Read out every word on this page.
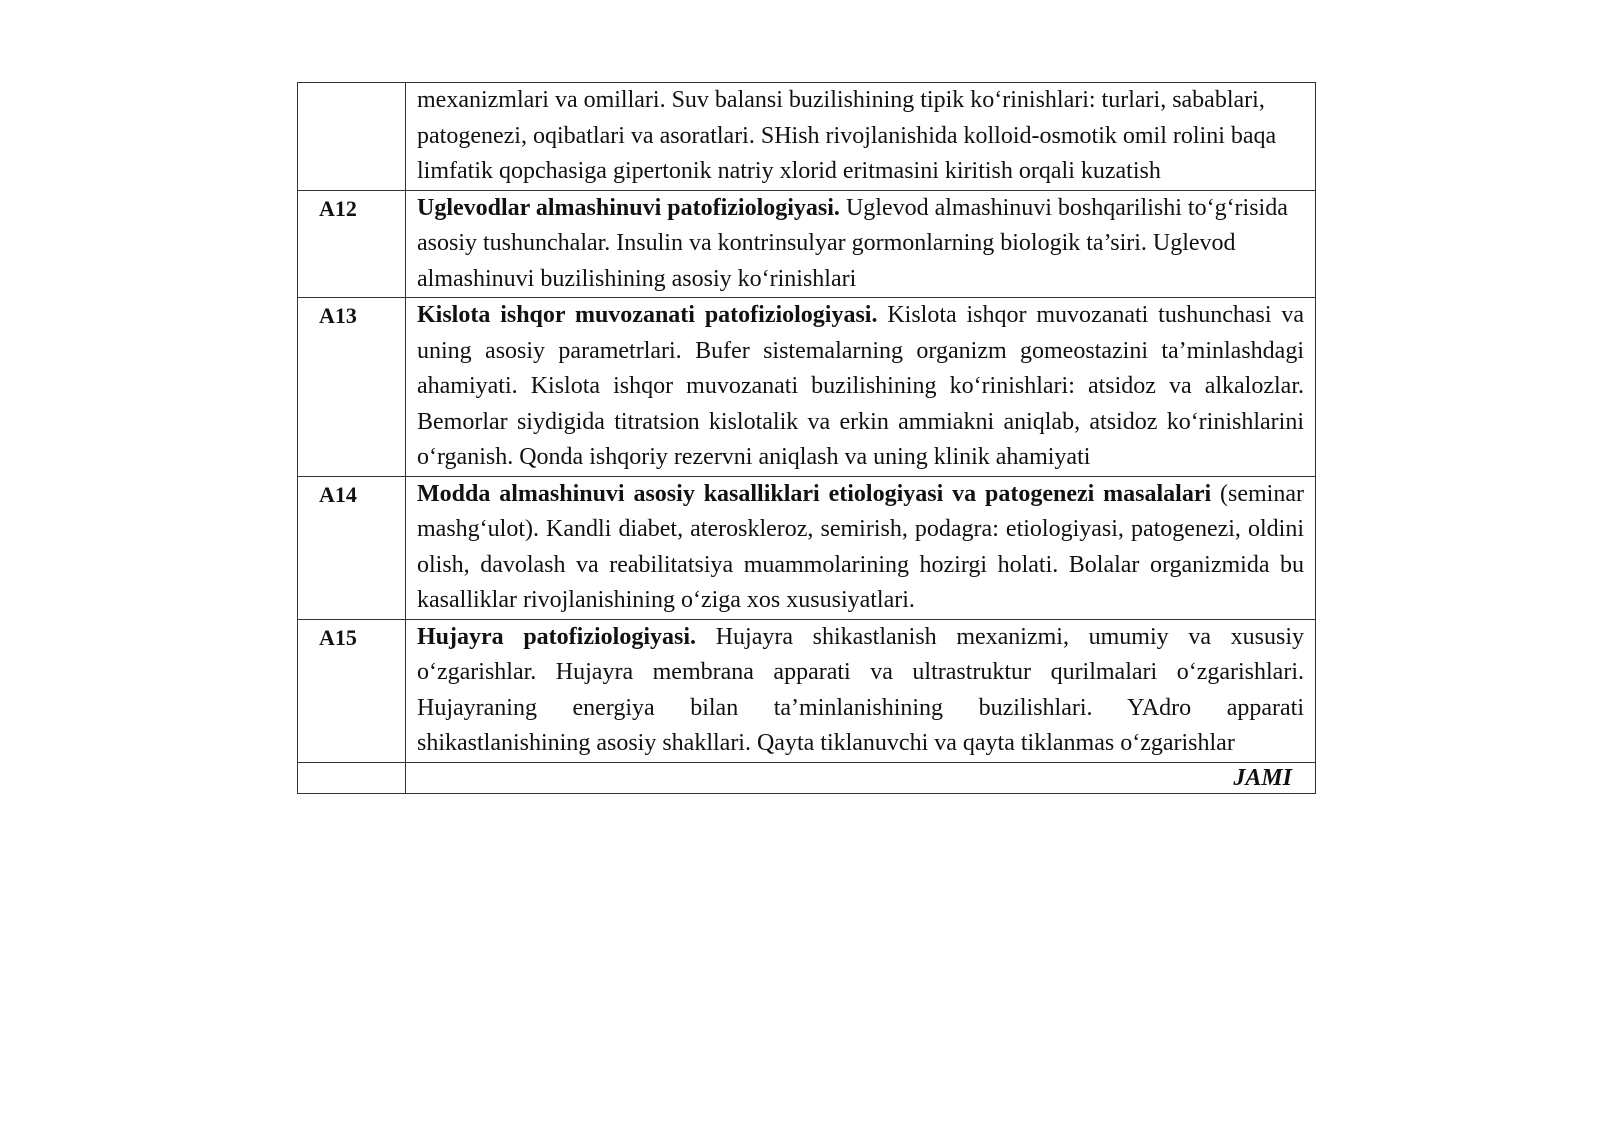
	mexanizmlari va omillari. Suv balansi buzilishining tipik ko‘rinishlari: turlari, sabablari, patogenezi, oqibatlari va asoratlari. SHish rivojlanishida kolloid-osmotik omil rolini baqa limfatik qopchasiga gipertonik natriy xlorid eritmasini kiritish orqali kuzatish
A12	Uglevodlar almashinuvi patofiziologiyasi. Uglevod almashinuvi boshqarilishi to‘g‘risida asosiy tushunchalar. Insulin va kontrinsulyar gormonlarning biologik ta’siri. Uglevod almashinuvi buzilishining asosiy ko‘rinishlari
A13	Kislota ishqor muvozanati patofiziologiyasi. Kislota ishqor muvozanati tushunchasi va uning asosiy parametrlari. Bufer sistemalarning organizm gomeostazini ta’minlashdagi ahamiyati. Kislota ishqor muvozanati buzilishining ko‘rinishlari: atsidoz va alkalozlar. Bemorlar siydigida titratsion kislotalik va erkin ammiakni aniqlab, atsidoz ko‘rinishlarini o‘rganish. Qonda ishqoriy rezervni aniqlash va uning klinik ahamiyati
A14	Modda almashinuvi asosiy kasalliklari etiologiyasi va patogenezi masalalari (seminar mashg‘ulot). Kandli diabet, ateroskleroz, semirish, podagra: etiologiyasi, patogenezi, oldini olish, davolash va reabilitatsiya muammolarining hozirgi holati. Bolalar organizmida bu kasalliklar rivojlanishining o‘ziga xos xususiyatlari.
A15	Hujayra patofiziologiyasi. Hujayra shikastlanish mexanizmi, umumiy va xususiy o‘zgarishlar. Hujayra membrana apparati va ultrastruktur qurilmalari o‘zgarishlari. Hujayraning energiya bilan ta’minlanishining buzilishlari. YAdro apparati shikastlanishining asosiy shakllari. Qayta tiklanuvchi va qayta tiklanmas o‘zgarishlar
	JAMI
